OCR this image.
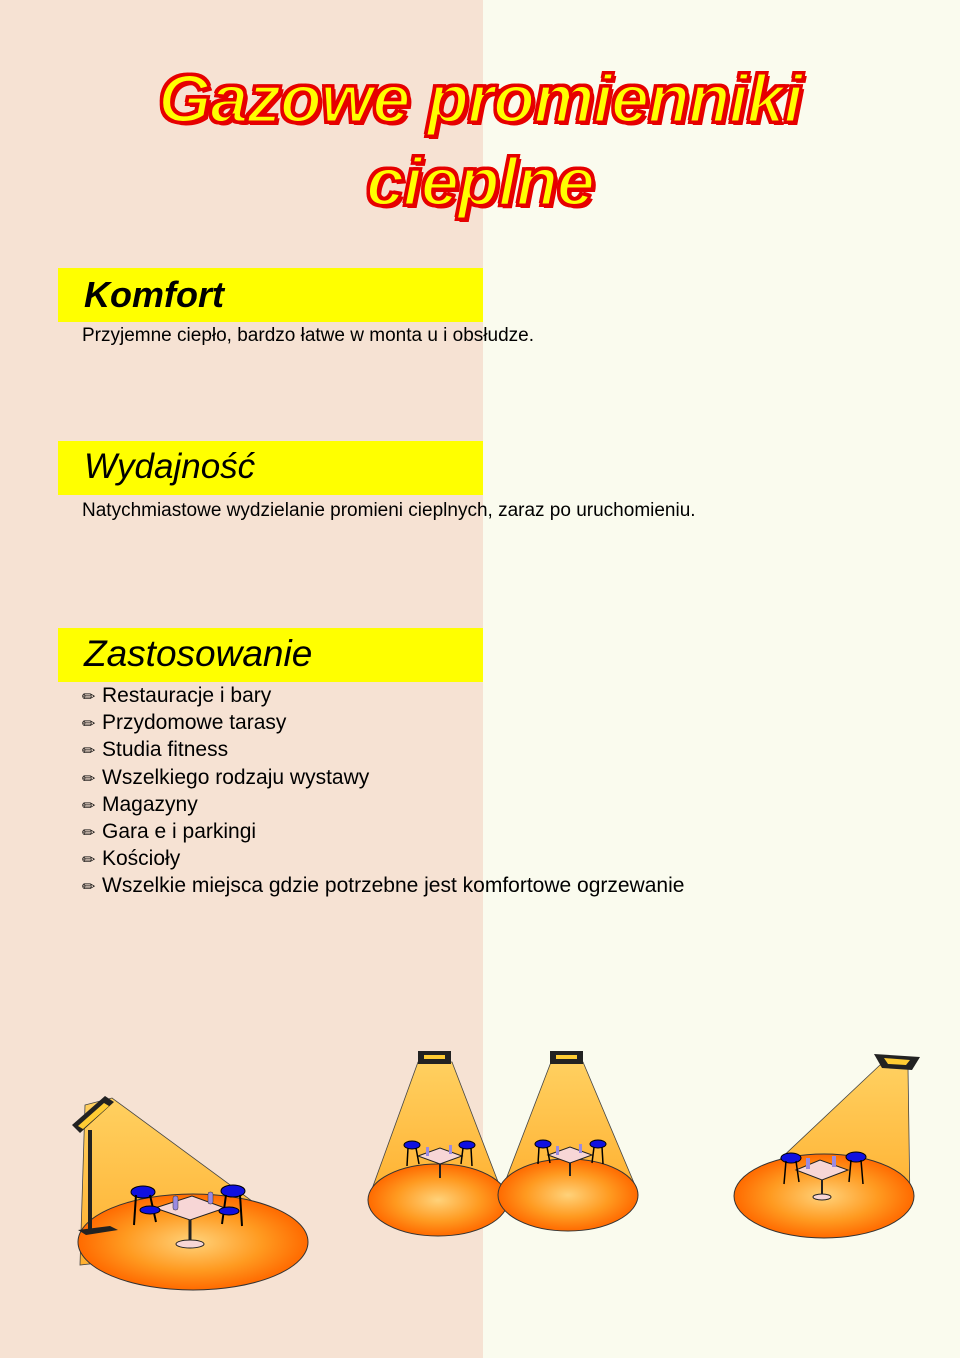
Gazowe promienniki
cieplne
Komfort
Przyjemne ciepło, bardzo łatwe w monta u i obsłudze.
Wydajność
Natychmiastowe wydzielanie promieni cieplnych, zaraz po uruchomieniu.
Zastosowanie
✏ Restauracje i bary
✏ Przydomowe tarasy
✏ Studia fitness
✏ Wszelkiego rodzaju wystawy
✏ Magazyny
✏ Gara e i parkingi
✏ Kościoły
✏ Wszelkie miejsca gdzie potrzebne jest komfortowe ogrzewanie
